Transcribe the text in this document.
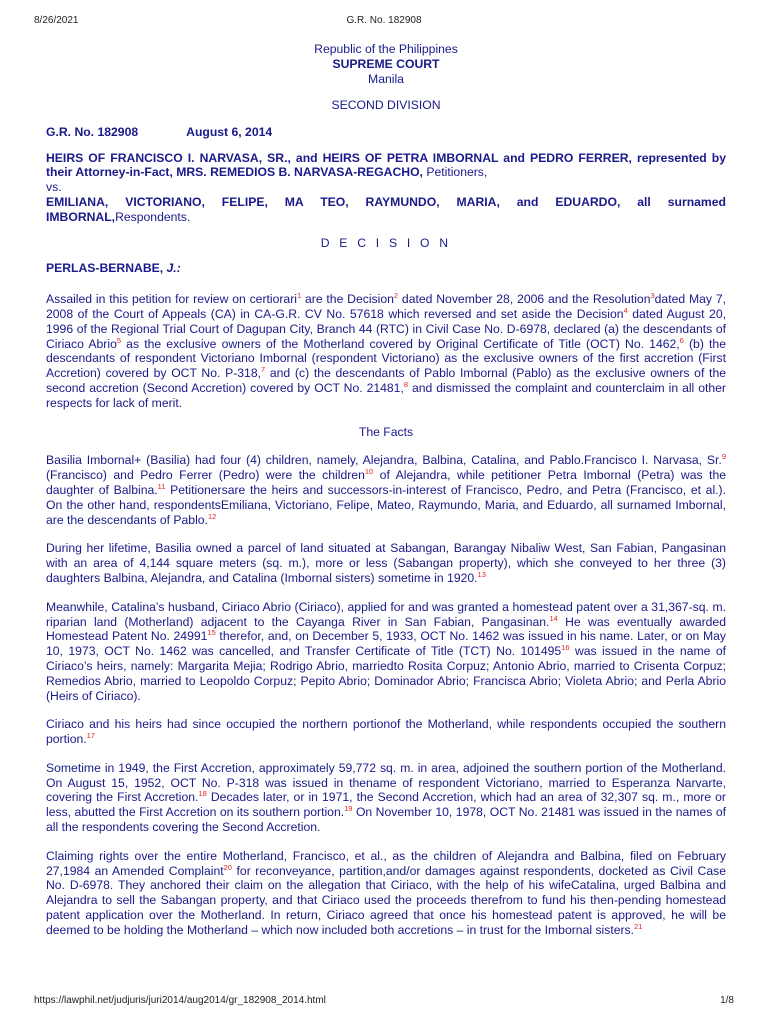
8/26/2021	G.R. No. 182908
Republic of the Philippines
SUPREME COURT
Manila
SECOND DIVISION
G.R. No. 182908	August 6, 2014
HEIRS OF FRANCISCO I. NARVASA, SR., and HEIRS OF PETRA IMBORNAL and PEDRO FERRER, represented by their Attorney-in-Fact, MRS. REMEDIOS B. NARVASA-REGACHO, Petitioners,
vs.
EMILIANA, VICTORIANO, FELIPE, MA TEO, RAYMUNDO, MARIA, and EDUARDO, all surnamed IMBORNAL,Respondents.
D E C I S I O N
PERLAS-BERNABE, J.:

Assailed in this petition for review on certiorari$^1$ are the Decision$^2$ dated November 28, 2006 and the Resolution$^3$dated May 7, 2008 of the Court of Appeals (CA) in CA-G.R. CV No. 57618 which reversed and set aside the Decision$^4$ dated August 20, 1996 of the Regional Trial Court of Dagupan City, Branch 44 (RTC) in Civil Case No. D-6978, declared (a) the descendants of Ciriaco Abrio$^5$ as the exclusive owners of the Motherland covered by Original Certificate of Title (OCT) No. 1462,$^6$ (b) the descendants of respondent Victoriano Imbornal (respondent Victoriano) as the exclusive owners of the first accretion (First Accretion) covered by OCT No. P-318,$^7$ and (c) the descendants of Pablo Imbornal (Pablo) as the exclusive owners of the second accretion (Second Accretion) covered by OCT No. 21481,$^8$ and dismissed the complaint and counterclaim in all other respects for lack of merit.

The Facts

Basilia Imbornal+ (Basilia) had four (4) children, namely, Alejandra, Balbina, Catalina, and Pablo.Francisco I. Narvasa, Sr.$^9$ (Francisco) and Pedro Ferrer (Pedro) were the children$^{10}$ of Alejandra, while petitioner Petra Imbornal (Petra) was the daughter of Balbina.$^{11}$ Petitionersare the heirs and successors-in-interest of Francisco, Pedro, and Petra (Francisco, et al.). On the other hand, respondentsEmiliana, Victoriano, Felipe, Mateo, Raymundo, Maria, and Eduardo, all surnamed Imbornal, are the descendants of Pablo.$^{12}$

During her lifetime, Basilia owned a parcel of land situated at Sabangan, Barangay Nibaliw West, San Fabian, Pangasinan with an area of 4,144 square meters (sq. m.), more or less (Sabangan property), which she conveyed to her three (3) daughters Balbina, Alejandra, and Catalina (Imbornal sisters) sometime in 1920.13

Meanwhile, Catalina’s husband, Ciriaco Abrio (Ciriaco), applied for and was granted a homestead patent over a 31,367-sq. m. riparian land (Motherland) adjacent to the Cayanga River in San Fabian, Pangasinan.$^{14}$ He was eventually awarded Homestead Patent No. 24991$^{15}$ therefor, and, on December 5, 1933, OCT No. 1462 was issued in his name. Later, or on May 10, 1973, OCT No. 1462 was cancelled, and Transfer Certificate of Title (TCT) No. 101495$^{16}$ was issued in the name of Ciriaco’s heirs, namely: Margarita Mejia; Rodrigo Abrio, marriedto Rosita Corpuz; Antonio Abrio, married to Crisenta Corpuz; Remedios Abrio, married to Leopoldo Corpuz; Pepito Abrio; Dominador Abrio; Francisca Abrio; Violeta Abrio; and Perla Abrio (Heirs of Ciriaco).

Ciriaco and his heirs had since occupied the northern portionof the Motherland, while respondents occupied the southern portion.$^{17}$

Sometime in 1949, the First Accretion, approximately 59,772 sq. m. in area, adjoined the southern portion of the Motherland. On August 15, 1952, OCT No. P-318 was issued in thename of respondent Victoriano, married to Esperanza Narvarte, covering the First Accretion.$^{18}$ Decades later, or in 1971, the Second Accretion, which had an area of 32,307 sq. m., more or less, abutted the First Accretion on its southern portion.$^{19}$ On November 10, 1978, OCT No. 21481 was issued in the names of all the respondents covering the Second Accretion.

Claiming rights over the entire Motherland, Francisco, et al., as the children of Alejandra and Balbina, filed on February 27,1984 an Amended Complaint$^{20}$ for reconveyance, partition,and/or damages against respondents, docketed as Civil Case No. D-6978. They anchored their claim on the allegation that Ciriaco, with the help of his wifeCatalina, urged Balbina and Alejandra to sell the Sabangan property, and that Ciriaco used the proceeds therefrom to fund his then-pending homestead patent application over the Motherland. In return, Ciriaco agreed that once his homestead patent is approved, he will be deemed to be holding the Motherland – which now included both accretions – in trust for the Imbornal sisters.$^{21}$

https://lawphil.net/judjuris/juri2014/aug2014/gr_182908_2014.html	1/8
